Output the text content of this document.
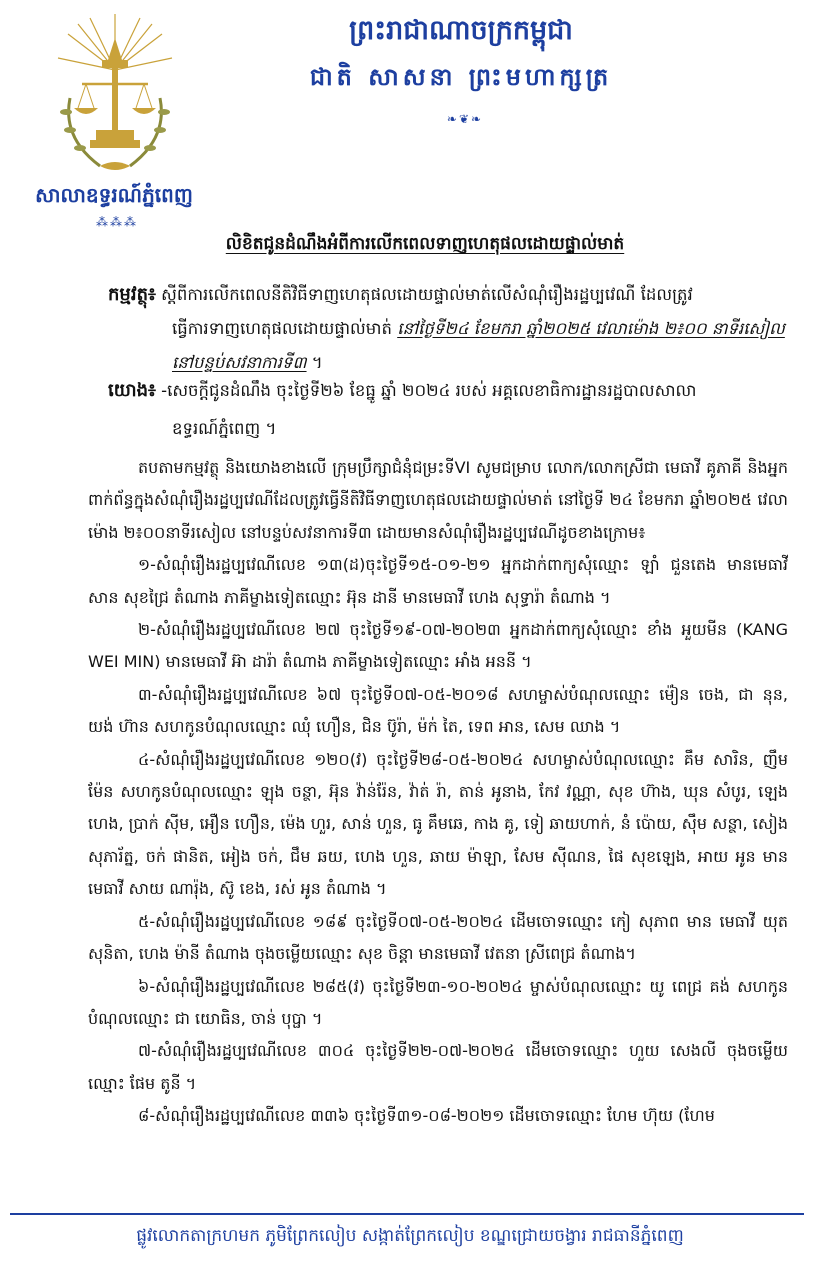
សាលាឧទ្ធរណ៍ភ្នំពេញ
⁂⁂⁂
ព្រះរាជាណាចក្រកម្ពុជា
ជាតិ សាសនា ព្រះមហាក្សត្រ
❧❦❧
លិខិតជូនដំណឹងអំពីការលើកពេលទាញហេតុផលដោយផ្ទាល់មាត់
កម្មវត្ថុ៖ ស្តីពីការលើកពេលនីតិវិធីទាញហេតុផលដោយផ្ទាល់មាត់លើសំណុំរឿងរដ្ឋប្បវេណី ដែលត្រូវ
ធ្វើការទាញហេតុផលដោយផ្ទាល់មាត់ នៅថ្ងៃទី២៤ ខែមករា ឆ្នាំ២០២៥ វេលាម៉ោង ២៖០០ នាទីរសៀល នៅបន្ទប់សវនាការទី៣ ។
យោង៖ -សេចក្តីជូនដំណឹង ចុះថ្ងៃទី២៦ ខែធ្នូ ឆ្នាំ ២០២៤ របស់ អគ្គលេខាធិការដ្ឋានរដ្ឋបាលសាលា
ឧទ្ធរណ៍ភ្នំពេញ ។

តបតាមកម្មវត្ថុ និងយោងខាងលើ ក្រុមប្រឹក្សាជំនុំជម្រះទីVI សូមជម្រាប លោក/លោកស្រីជា មេធាវី គូភាគី និងអ្នកពាក់ព័ន្ធក្នុងសំណុំរឿងរដ្ឋប្បវេណីដែលត្រូវធ្វើនីតិវិធីទាញហេតុផលដោយផ្ទាល់មាត់ នៅថ្ងៃទី ២៤ ខែមករា ឆ្នាំ២០២៥ វេលាម៉ោង ២៖០០នាទីរសៀល នៅបន្ទប់សវនាការទី៣ ដោយមានសំណុំរឿងរដ្ឋប្បវេណីដូចខាងក្រោម៖

១-សំណុំរឿងរដ្ឋប្បវេណីលេខ ១៣(ដ)ចុះថ្ងៃទី១៥-០១-២១ អ្នកដាក់ពាក្យសុំឈ្មោះ ឡាំ ជួនតេង មានមេធាវី សាន សុខជ្រៃ តំណាង ភាគីម្ខាងទៀតឈ្មោះ អ៊ុន ដានី មានមេធាវី ហេង សុទ្ធារ៉ា តំណាង ។

២-សំណុំរឿងរដ្ឋប្បវេណីលេខ ២៧ ចុះថ្ងៃទី១៩-០៧-២០២៣ អ្នកដាក់ពាក្យសុំឈ្មោះ ខាំង អួយមីន (KANG WEI MIN) មានមេធាវី អ៊ា ដារ៉ា តំណាង ភាគីម្ខាងទៀតឈ្មោះ អាំង អននី ។

៣-សំណុំរឿងរដ្ឋប្បវេណីលេខ ៦៧ ចុះថ្ងៃទី០៧-០៥-២០១៨ សហម្ចាស់បំណុលឈ្មោះ ម៉ៀន ចេង, ជា នុន, យង់ ហ៊ាន សហកូនបំណុលឈ្មោះ ឈុំ ហឿន, ជិន ប៊ូរ៉ា, ម៉ក់ តៃ, ទេព អាន, សេម ឈាង ។

៤-សំណុំរឿងរដ្ឋប្បវេណីលេខ ១២០(វ) ចុះថ្ងៃទី២៨-០៥-២០២៤ សហម្ចាស់បំណុលឈ្មោះ គឹម សារិន, ញឹម ម៉ែន សហកូនបំណុលឈ្មោះ ឡុង ចន្ថា, អ៊ុន វ៉ាន់រ៉ែន, វ៉ាត់ រ៉ា, តាន់ អូនាង, កែវ វណ្ណា, សុខ ហ៊ាង, ឃុន សំបូរ, ឡេង ហេង, ប្រាក់ ស៊ីម, អឿន ហឿន, ម៉េង ហួរ, សាន់ ហួន, ធូ គឹមឆេ, កាង គូ, ទៀ ឆាយហាក់, នំ ប៉ោយ, ស៊ឹម សន្ថា, សៀង សុភារ័ត្ន, ចក់ ផានិត, អៀង ចក់, ជឹម ឆយ, ហេង ហួន, ឆាយ ម៉ាឡា, សែម ស៊ីណន, ផៃ សុខឡេង, អាយ អូន មានមេធាវី សាយ ណារ៉ុង, ស៊ូ ខេង, រស់ អូន តំណាង ។

៥-សំណុំរឿងរដ្ឋប្បវេណីលេខ ១៨៩ ចុះថ្ងៃទី០៧-០៥-២០២៤ ដើមចោទឈ្មោះ កៀ សុភាព មាន មេធាវី យុត សុនិតា, ហេង ម៉ានី តំណាង ចុងចម្លើយឈ្មោះ សុខ ចិន្តា មានមេធាវី វេតនា ស្រីពេជ្រ តំណាង។

៦-សំណុំរឿងរដ្ឋប្បវេណីលេខ ២៨៥(វ) ចុះថ្ងៃទី២៣-១០-២០២៤ ម្ចាស់បំណុលឈ្មោះ យូ ពេជ្រ គង់ សហកូនបំណុលឈ្មោះ ជា យោធិន, ចាន់ បុប្ផា ។

៧-សំណុំរឿងរដ្ឋប្បវេណីលេខ ៣០៤ ចុះថ្ងៃទី២២-០៧-២០២៤ ដើមចោទឈ្មោះ ហួយ សេងលី ចុងចម្លើយឈ្មោះ ផែម តូនី ។

៨-សំណុំរឿងរដ្ឋប្បវេណីលេខ ៣៣៦ ចុះថ្ងៃទី៣១-០៨-២០២១ ដើមចោទឈ្មោះ ហែម ហ៊ុយ (ហែម

ផ្លូវលោកតាក្រហមក ភូមិព្រែកលៀប សង្កាត់ព្រែកលៀប ខណ្ឌជ្រោយចង្វារ រាជធានីភ្នំពេញ
